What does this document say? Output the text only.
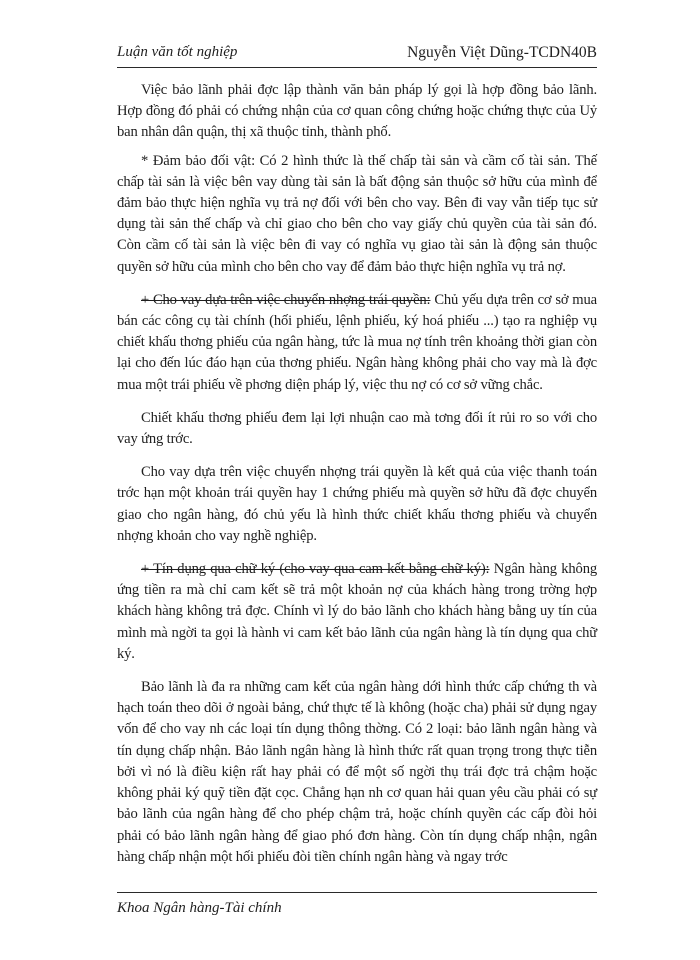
Luận văn tốt nghiệp	Nguyễn Việt Dũng-TCDN40B

Việc bảo lãnh phải đợc lập thành văn bản pháp lý gọi là hợp đồng bảo lãnh. Hợp đồng đó phải có chứng nhận của cơ quan công chứng hoặc chứng thực của Uỷ ban nhân dân quận, thị xã thuộc tỉnh, thành phố.

* Đảm bảo đối vật: Có 2 hình thức là thế chấp tài sản và cầm cố tài sản. Thế chấp tài sản là việc bên vay dùng tài sản là bất động sản thuộc sở hữu của mình để đảm bảo thực hiện nghĩa vụ trả nợ đối với bên cho vay. Bên đi vay vẫn tiếp tục sử dụng tài sản thế chấp và chỉ giao cho bên cho vay giấy chủ quyền của tài sản đó. Còn cầm cố tài sản là việc bên đi vay có nghĩa vụ giao tài sản là động sản thuộc quyền sở hữu của mình cho bên cho vay để đảm bảo thực hiện nghĩa vụ trả nợ.

+ Cho vay dựa trên việc chuyển nhợng trái quyền: Chủ yếu dựa trên cơ sở mua bán các công cụ tài chính (hối phiếu, lệnh phiếu, ký hoá phiếu ...) tạo ra nghiệp vụ chiết khấu thơng phiếu của ngân hàng, tức là mua nợ tính trên khoảng thời gian còn lại cho đến lúc đáo hạn của thơng phiếu. Ngân hàng không phải cho vay mà là đợc mua một trái phiếu về phơng diện pháp lý, việc thu nợ có cơ sở vững chắc.

Chiết khấu thơng phiếu đem lại lợi nhuận cao mà tơng đối ít rủi ro so với cho vay ứng trớc.

Cho vay dựa trên việc chuyển nhợng trái quyền là kết quả của việc thanh toán trớc hạn một khoản trái quyền hay 1 chứng phiếu mà quyền sở hữu đã đợc chuyển giao cho ngân hàng, đó chủ yếu là hình thức chiết khấu thơng phiếu và chuyển nhợng khoản cho vay nghề nghiệp.

+ Tín dụng qua chữ ký (cho vay qua cam kết bằng chữ ký): Ngân hàng không ứng tiền ra mà chỉ cam kết sẽ trả một khoản nợ của khách hàng trong trờng hợp khách hàng không trả đợc. Chính vì lý do bảo lãnh cho khách hàng bằng uy tín của mình mà ngời ta gọi là hành vi cam kết bảo lãnh của ngân hàng là tín dụng qua chữ ký.

Bảo lãnh là đa ra những cam kết của ngân hàng dới hình thức cấp chứng th và hạch toán theo dõi ở ngoài bảng, chứ thực tế là không (hoặc cha) phải sử dụng ngay vốn để cho vay nh các loại tín dụng thông thờng. Có 2 loại: bảo lãnh ngân hàng và tín dụng chấp nhận. Bảo lãnh ngân hàng là hình thức rất quan trọng trong thực tiễn bởi vì nó là điều kiện rất hay phải có để một số ngời thụ trái đợc trả chậm hoặc không phải ký quỹ tiền đặt cọc. Chẳng hạn nh cơ quan hải quan yêu cầu phải có sự bảo lãnh của ngân hàng để cho phép chậm trả, hoặc chính quyền các cấp đòi hỏi phải có bảo lãnh ngân hàng để giao phó đơn hàng. Còn tín dụng chấp nhận, ngân hàng chấp nhận một hối phiếu đòi tiền chính ngân hàng và ngay trớc

Khoa Ngân hàng-Tài chính
